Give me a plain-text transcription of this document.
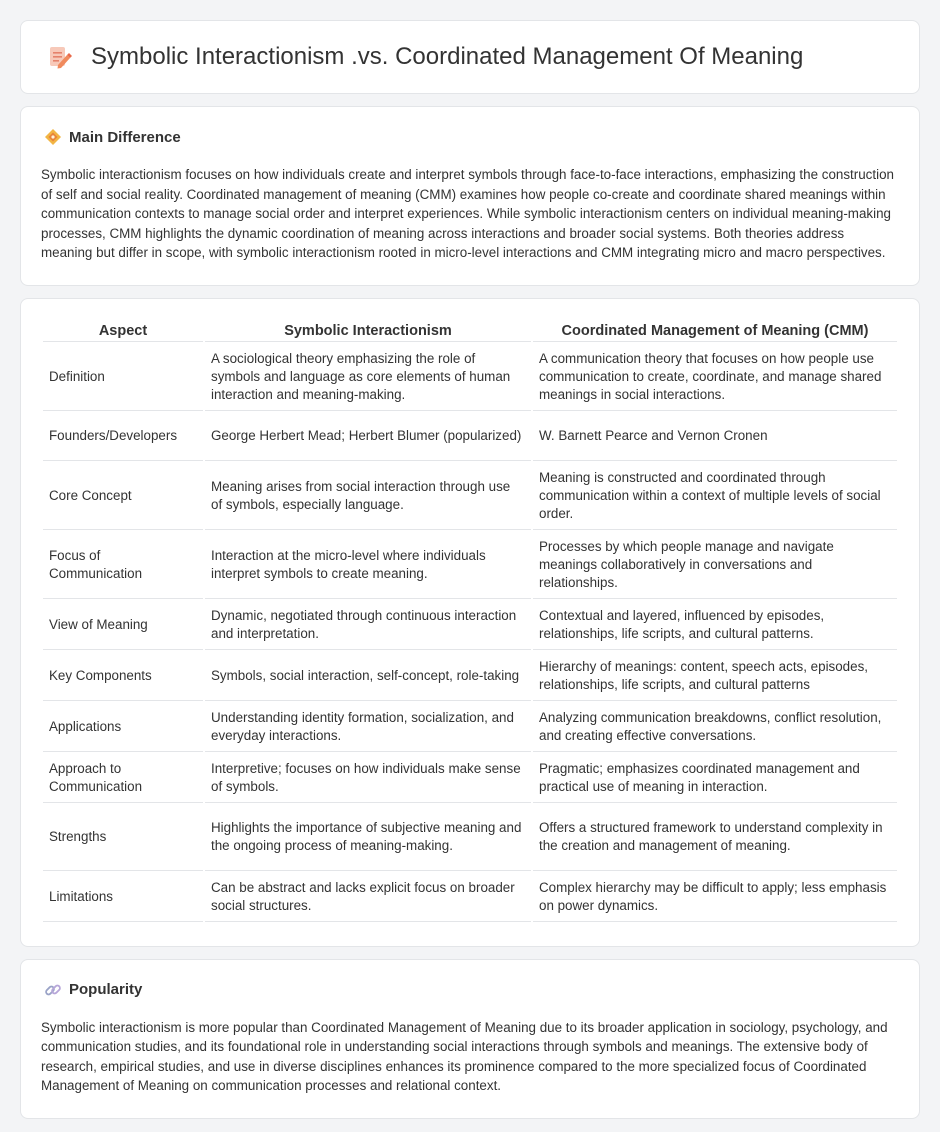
Symbolic Interactionism .vs. Coordinated Management Of Meaning
Main Difference

Symbolic interactionism focuses on how individuals create and interpret symbols through face-to-face interactions, emphasizing the construction of self and social reality. Coordinated management of meaning (CMM) examines how people co-create and coordinate shared meanings within communication contexts to manage social order and interpret experiences. While symbolic interactionism centers on individual meaning-making processes, CMM highlights the dynamic coordination of meaning across interactions and broader social systems. Both theories address meaning but differ in scope, with symbolic interactionism rooted in micro-level interactions and CMM integrating micro and macro perspectives.

Aspect	Symbolic Interactionism	Coordinated Management of Meaning (CMM)
Definition	A sociological theory emphasizing the role of symbols and language as core elements of human interaction and meaning-making.	A communication theory that focuses on how people use communication to create, coordinate, and manage shared meanings in social interactions.
Founders/Developers	George Herbert Mead; Herbert Blumer (popularized)	W. Barnett Pearce and Vernon Cronen
Core Concept	Meaning arises from social interaction through use of symbols, especially language.	Meaning is constructed and coordinated through communication within a context of multiple levels of social order.
Focus of Communication	Interaction at the micro-level where individuals interpret symbols to create meaning.	Processes by which people manage and navigate meanings collaboratively in conversations and relationships.
View of Meaning	Dynamic, negotiated through continuous interaction and interpretation.	Contextual and layered, influenced by episodes, relationships, life scripts, and cultural patterns.
Key Components	Symbols, social interaction, self-concept, role-taking	Hierarchy of meanings: content, speech acts, episodes, relationships, life scripts, and cultural patterns
Applications	Understanding identity formation, socialization, and everyday interactions.	Analyzing communication breakdowns, conflict resolution, and creating effective conversations.
Approach to Communication	Interpretive; focuses on how individuals make sense of symbols.	Pragmatic; emphasizes coordinated management and practical use of meaning in interaction.
Strengths	Highlights the importance of subjective meaning and the ongoing process of meaning-making.	Offers a structured framework to understand complexity in the creation and management of meaning.
Limitations	Can be abstract and lacks explicit focus on broader social structures.	Complex hierarchy may be difficult to apply; less emphasis on power dynamics.
Popularity

Symbolic interactionism is more popular than Coordinated Management of Meaning due to its broader application in sociology, psychology, and communication studies, and its foundational role in understanding social interactions through symbols and meanings. The extensive body of research, empirical studies, and use in diverse disciplines enhances its prominence compared to the more specialized focus of Coordinated Management of Meaning on communication processes and relational context.
